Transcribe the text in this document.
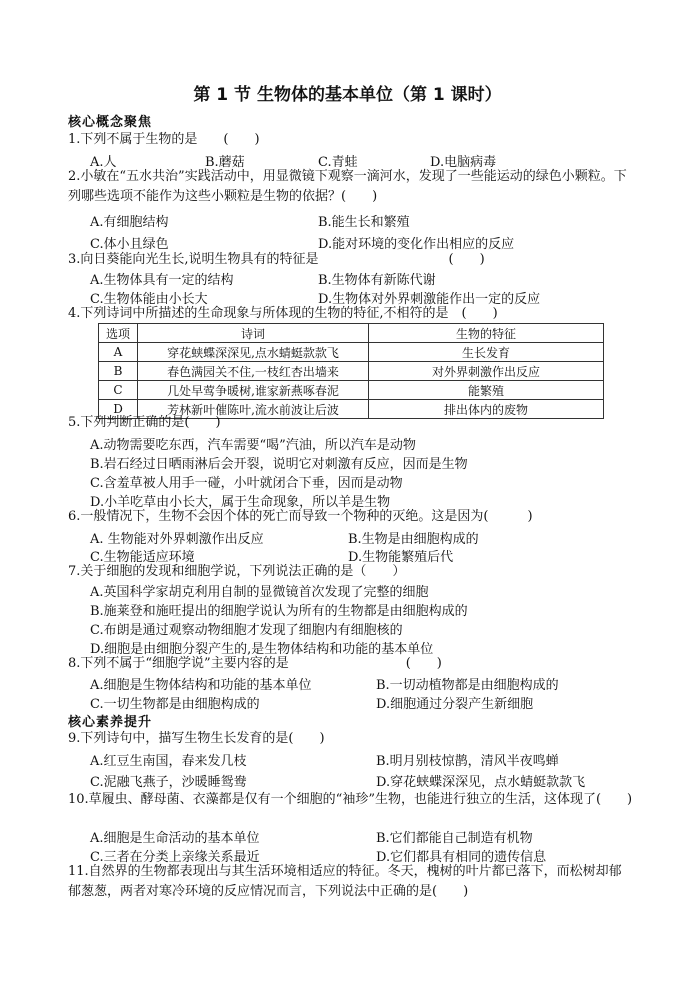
第 1 节 生物体的基本单位（第 1 课时）
核心概念聚焦
1.下列不属于生物的是　　(　　)
A.人	B.蘑菇	C.青蛙	D.电脑病毒
2.小敏在“五水共治”实践活动中，用显微镜下观察一滴河水，发现了一些能运动的绿色小颗粒。下列哪些选项不能作为这些小颗粒是生物的依据？(　　)
A.有细胞结构	B.能生长和繁殖
C.体小且绿色	D.能对环境的变化作出相应的反应
3.向日葵能向光生长,说明生物具有的特征是　　　　　　　　　　(　　)
A.生物体具有一定的结构	B.生物体有新陈代谢
C.生物体能由小长大	D.生物体对外界刺激能作出一定的反应
4.下列诗词中所描述的生命现象与所体现的生物的特征,不相符的是　(　　)
选项	诗词	生物的特征
A	穿花蛱蝶深深见,点水蜻蜓款款飞	生长发育
B	春色满园关不住,一枝红杏出墙来	对外界刺激作出反应
C	几处早莺争暖树,谁家新燕啄春泥	能繁殖
D	芳林新叶催陈叶,流水前波让后波	排出体内的废物
5.下列判断正确的是(　　)
A.动物需要吃东西，汽车需要“喝”汽油，所以汽车是动物
B.岩石经过日晒雨淋后会开裂，说明它对刺激有反应，因而是生物
C.含羞草被人用手一碰，小叶就闭合下垂，因而是动物
D.小羊吃草由小长大，属于生命现象，所以羊是生物
6.一般情况下，生物不会因个体的死亡而导致一个物种的灭绝。这是因为(　　　)
A. 生物能对外界刺激作出反应	B.生物是由细胞构成的
C.生物能适应环境	D.生物能繁殖后代
7.关于细胞的发现和细胞学说，下列说法正确的是（　　）
A.英国科学家胡克利用自制的显微镜首次发现了完整的细胞
B.施莱登和施旺提出的细胞学说认为所有的生物都是由细胞构成的
C.布朗是通过观察动物细胞才发现了细胞内有细胞核的
D.细胞是由细胞分裂产生的,是生物体结构和功能的基本单位
8.下列不属于“细胞学说”主要内容的是　　　　　　　　　(　　)
A.细胞是生物体结构和功能的基本单位	B.一切动植物都是由细胞构成的
C.一切生物都是由细胞构成的	D.细胞通过分裂产生新细胞
核心素养提升
9.下列诗句中，描写生物生长发育的是(　　)
A.红豆生南国，春来发几枝	B.明月别枝惊鹊，清风半夜鸣蝉
C.泥融飞燕子，沙暖睡鸳鸯	D.穿花蛱蝶深深见，点水蜻蜓款款飞
10.草履虫、酵母菌、衣藻都是仅有一个细胞的“袖珍”生物，也能进行独立的生活，这体现了(　　)
A.细胞是生命活动的基本单位	B.它们都能自己制造有机物
C.三者在分类上亲缘关系最近	D.它们都具有相同的遗传信息
11.自然界的生物都表现出与其生活环境相适应的特征。冬天，槐树的叶片都已落下，而松树却郁郁葱葱，两者对寒冷环境的反应情况而言，下列说法中正确的是(　　)
